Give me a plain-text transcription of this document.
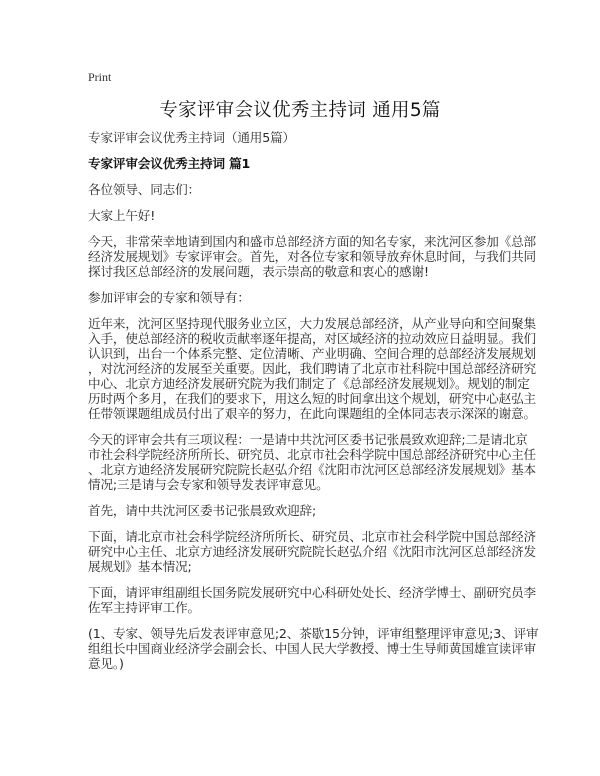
Print
专家评审会议优秀主持词 通用5篇
专家评审会议优秀主持词（通用5篇）
专家评审会议优秀主持词 篇1
各位领导、同志们：
大家上午好!
今天，非常荣幸地请到国内和盛市总部经济方面的知名专家，来沈河区参加《总部
经济发展规划》专家评审会。首先，对各位专家和领导放弃休息时间，与我们共同
探讨我区总部经济的发展问题，表示崇高的敬意和衷心的感谢!
参加评审会的专家和领导有：
近年来，沈河区坚持现代服务业立区，大力发展总部经济，从产业导向和空间聚集
入手，使总部经济的税收贡献率逐年提高，对区域经济的拉动效应日益明显。我们
认识到，出台一个体系完整、定位清晰、产业明确、空间合理的总部经济发展规划
，对沈河经济的发展至关重要。因此，我们聘请了北京市社科院中国总部经济研究
中心、北京方迪经济发展研究院为我们制定了《总部经济发展规划》。规划的制定
历时两个多月，在我们的要求下，用这么短的时间拿出这个规划，研究中心赵弘主
任带领课题组成员付出了艰辛的努力，在此向课题组的全体同志表示深深的谢意。
今天的评审会共有三项议程：一是请中共沈河区委书记张晨致欢迎辞;二是请北京
市社会科学院经济所所长、研究员、北京市社会科学院中国总部经济研究中心主任
、北京方迪经济发展研究院院长赵弘介绍《沈阳市沈河区总部经济发展规划》基本
情况;三是请与会专家和领导发表评审意见。
首先，请中共沈河区委书记张晨致欢迎辞;
下面，请北京市社会科学院经济所所长、研究员、北京市社会科学院中国总部经济
研究中心主任、北京方迪经济发展研究院院长赵弘介绍《沈阳市沈河区总部经济发
展规划》基本情况;
下面，请评审组副组长国务院发展研究中心科研处处长、经济学博士、副研究员李
佐军主持评审工作。
(1、专家、领导先后发表评审意见;2、茶歇15分钟，评审组整理评审意见;3、评审
组组长中国商业经济学会副会长、中国人民大学教授、博士生导师黄国雄宣读评审
意见。)
